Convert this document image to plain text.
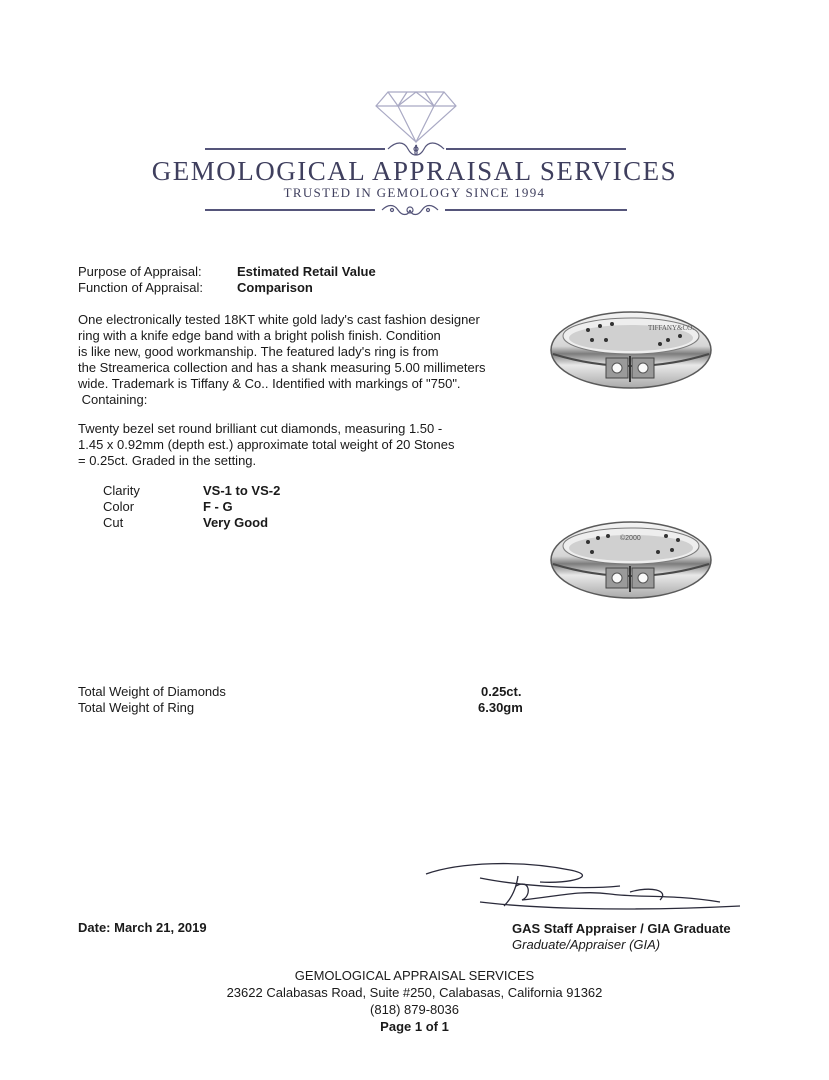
GEMOLOGICAL APPRAISAL SERVICES
TRUSTED IN GEMOLOGY SINCE 1994
Purpose of Appraisal:	Estimated Retail Value
Function of Appraisal:	Comparison

One electronically tested 18KT white gold lady's cast fashion designer

ring with a knife edge band with a bright polish finish. Condition

is like new, good workmanship. The featured lady's ring is from

the Streamerica collection and has a shank measuring 5.00 millimeters

wide. Trademark is Tiffany & Co.. Identified with markings of "750".

Containing:

Twenty bezel set round brilliant cut diamonds, measuring 1.50 -

1.45 x 0.92mm (depth est.) approximate total weight of 20 Stones

= 0.25ct. Graded in the setting.

Clarity	VS-1 to VS-2
Color	F - G
Cut	Very Good
TIFFANY&CO.
©2000
Total Weight of Diamonds	0.25ct.
Total Weight of Ring	6.30gm
Date: March 21, 2019	GAS Staff Appraiser / GIA Graduate
Graduate/Appraiser (GIA)
GEMOLOGICAL APPRAISAL SERVICES
23622 Calabasas Road, Suite #250, Calabasas, California 91362
(818) 879-8036
Page 1 of 1
